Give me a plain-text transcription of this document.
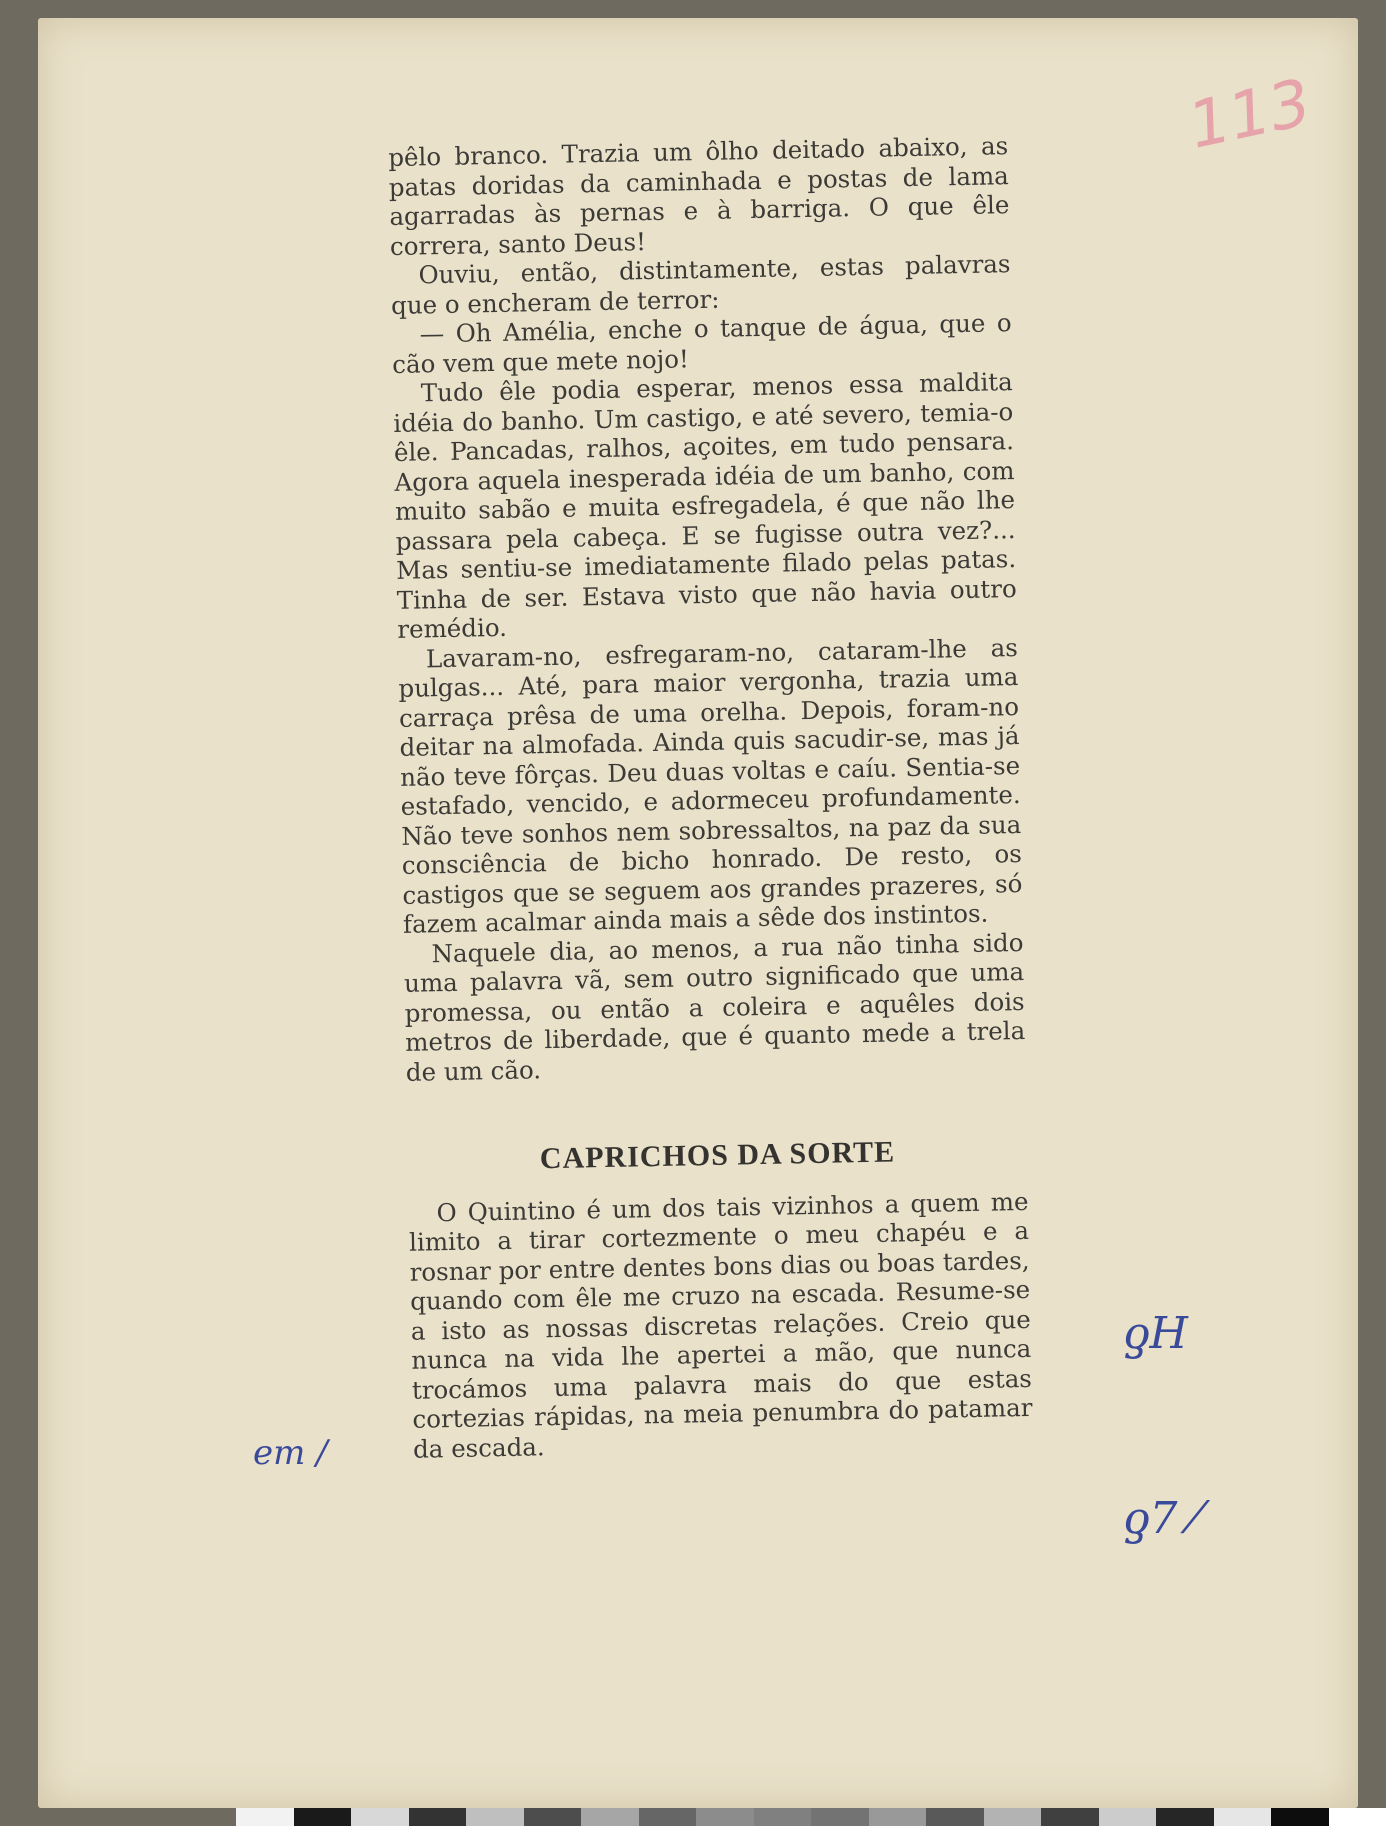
113

pêlo branco. Trazia um ôlho deitado abaixo, as patas doridas da caminhada e postas de lama agarradas às pernas e à barriga. O que êle correra, santo Deus!

Ouviu, então, distintamente, estas palavras que o encheram de terror:

— Oh Amélia, enche o tanque de água, que o cão vem que mete nojo!

Tudo êle podia esperar, menos essa maldita idéia do banho. Um castigo, e até severo, temia-o êle. Pancadas, ralhos, açoites, em tudo pensara. Agora aquela inesperada idéia de um banho, com muito sabão e muita esfregadela, é que não lhe passara pela cabeça. E se fugisse outra vez?... Mas sentiu-se imediatamente filado pelas patas. Tinha de ser. Estava visto que não havia outro remédio.

Lavaram-no, esfregaram-no, cataram-lhe as pulgas... Até, para maior vergonha, trazia uma carraça prêsa de uma orelha. Depois, foram-no deitar na almofada. Ainda quis sacudir-se, mas já não teve fôrças. Deu duas voltas e caíu. Sentia-se estafado, vencido, e adormeceu profundamente. Não teve sonhos nem sobressaltos, na paz da sua consciência de bicho honrado. De resto, os castigos que se seguem aos grandes prazeres, só fazem acalmar ainda mais a sêde dos instintos.

Naquele dia, ao menos, a rua não tinha sido uma palavra vã, sem outro significado que uma promessa, ou então a coleira e aquêles dois metros de liberdade, que é quanto mede a trela de um cão.

CAPRICHOS DA SORTE

O Quintino é um dos tais vizinhos a quem me limito a tirar cortezmente o meu chapéu e a rosnar por entre dentes bons dias ou boas tardes, quando com êle me cruzo na escada. Resume-se a isto as nossas discretas relações. Creio que nunca na vida lhe apertei a mão, que nunca trocámos uma palavra mais do que estas cortezias rápidas, na meia penumbra do patamar da escada.

em /
ƍH
ƍ7 ⁄
